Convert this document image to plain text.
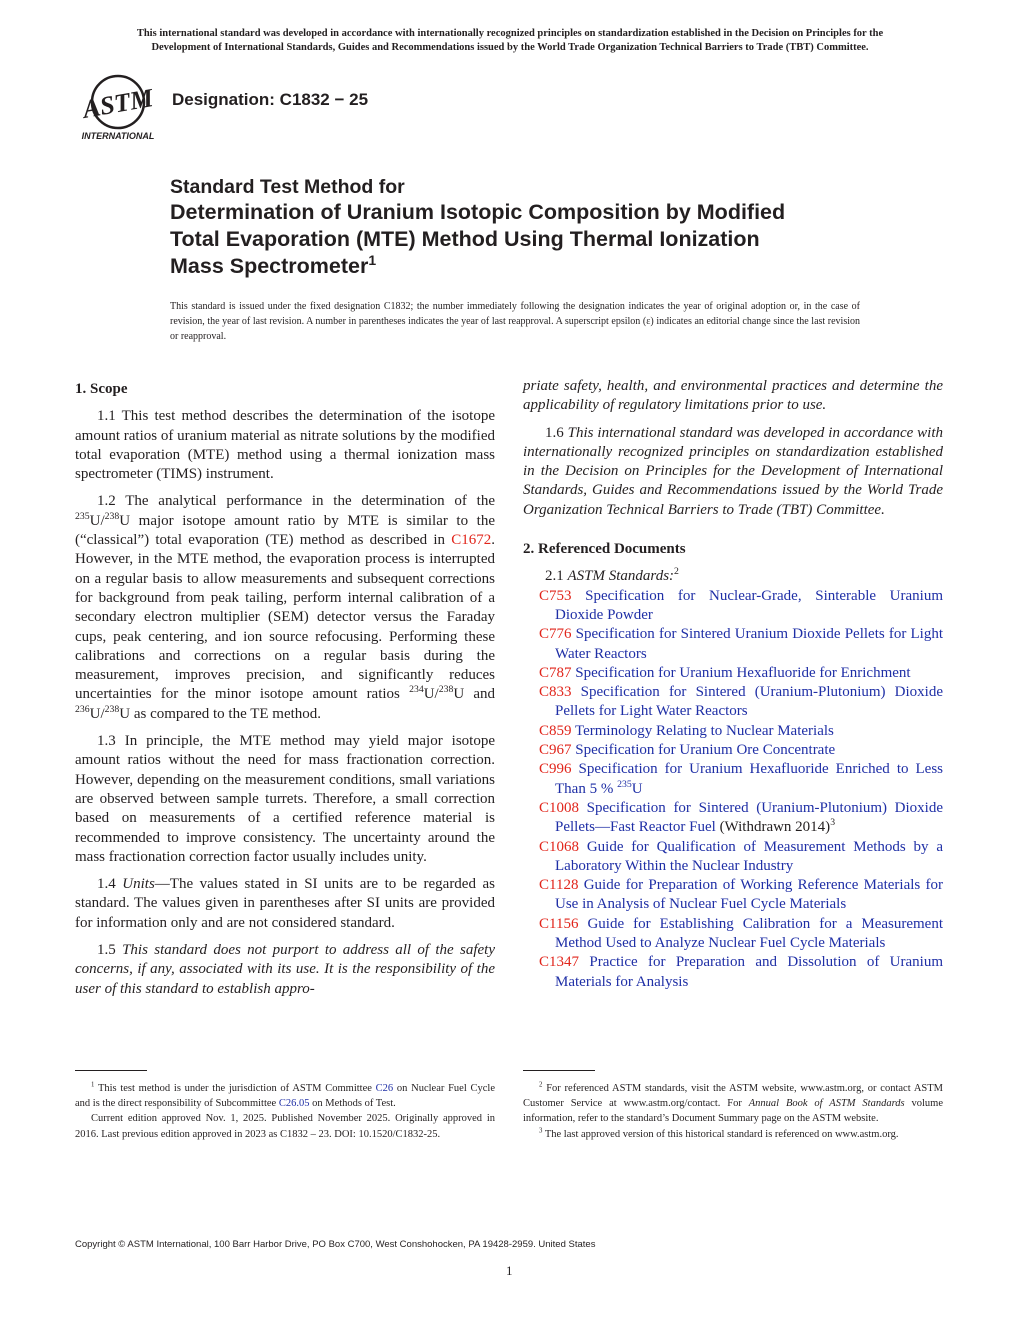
This international standard was developed in accordance with internationally recognized principles on standardization established in the Decision on Principles for the
Development of International Standards, Guides and Recommendations issued by the World Trade Organization Technical Barriers to Trade (TBT) Committee.
ASTM
INTERNATIONAL
Designation: C1832 − 25
Standard Test Method for
Determination of Uranium Isotopic Composition by Modified
Total Evaporation (MTE) Method Using Thermal Ionization
Mass Spectrometer$^1$
This standard is issued under the fixed designation C1832; the number immediately following the designation indicates the year of original adoption or, in the case of revision, the year of last revision. A number in parentheses indicates the year of last reapproval. A superscript epsilon (ε) indicates an editorial change since the last revision or reapproval.
1. Scope

1.1 This test method describes the determination of the isotope amount ratios of uranium material as nitrate solutions by the modified total evaporation (MTE) method using a thermal ionization mass spectrometer (TIMS) instrument.

1.2 The analytical performance in the determination of the $^{235}$U/$^{238}$U major isotope amount ratio by MTE is similar to the (“classical”) total evaporation (TE) method as described in C1672. However, in the MTE method, the evaporation process is interrupted on a regular basis to allow measurements and subsequent corrections for background from peak tailing, perform internal calibration of a secondary electron multiplier (SEM) detector versus the Faraday cups, peak centering, and ion source refocusing. Performing these calibrations and corrections on a regular basis during the measurement, improves precision, and significantly reduces uncertainties for the minor isotope amount ratios $^{234}$U/$^{238}$U and $^{236}$U/$^{238}$U as compared to the TE method.

1.3 In principle, the MTE method may yield major isotope amount ratios without the need for mass fractionation correction. However, depending on the measurement conditions, small variations are observed between sample turrets. Therefore, a small correction based on measurements of a certified reference material is recommended to improve consistency. The uncertainty around the mass fractionation correction factor usually includes unity.

1.4 Units—The values stated in SI units are to be regarded as standard. The values given in parentheses after SI units are provided for information only and are not considered standard.

1.5 This standard does not purport to address all of the safety concerns, if any, associated with its use. It is the responsibility of the user of this standard to establish appro-

priate safety, health, and environmental practices and determine the applicability of regulatory limitations prior to use.

1.6 This international standard was developed in accordance with internationally recognized principles on standardization established in the Decision on Principles for the Development of International Standards, Guides and Recommendations issued by the World Trade Organization Technical Barriers to Trade (TBT) Committee.

2. Referenced Documents

2.1 ASTM Standards:$^2$

C753 Specification for Nuclear-Grade, Sinterable Uranium Dioxide Powder

C776 Specification for Sintered Uranium Dioxide Pellets for Light Water Reactors

C787 Specification for Uranium Hexafluoride for Enrichment

C833 Specification for Sintered (Uranium-Plutonium) Dioxide Pellets for Light Water Reactors

C859 Terminology Relating to Nuclear Materials

C967 Specification for Uranium Ore Concentrate

C996 Specification for Uranium Hexafluoride Enriched to Less Than 5 % $^{235}$U

C1008 Specification for Sintered (Uranium-Plutonium) Dioxide Pellets—Fast Reactor Fuel (Withdrawn 2014)$^3$

C1068 Guide for Qualification of Measurement Methods by a Laboratory Within the Nuclear Industry

C1128 Guide for Preparation of Working Reference Materials for Use in Analysis of Nuclear Fuel Cycle Materials

C1156 Guide for Establishing Calibration for a Measurement Method Used to Analyze Nuclear Fuel Cycle Materials

C1347 Practice for Preparation and Dissolution of Uranium Materials for Analysis

$^1$ This test method is under the jurisdiction of ASTM Committee C26 on Nuclear Fuel Cycle and is the direct responsibility of Subcommittee C26.05 on Methods of Test.

Current edition approved Nov. 1, 2025. Published November 2025. Originally approved in 2016. Last previous edition approved in 2023 as C1832 – 23. DOI: 10.1520/C1832-25.

$^2$ For referenced ASTM standards, visit the ASTM website, www.astm.org, or contact ASTM Customer Service at www.astm.org/contact. For Annual Book of ASTM Standards volume information, refer to the standard’s Document Summary page on the ASTM website.

$^3$ The last approved version of this historical standard is referenced on www.astm.org.

Copyright © ASTM International, 100 Barr Harbor Drive, PO Box C700, West Conshohocken, PA 19428-2959. United States
1
